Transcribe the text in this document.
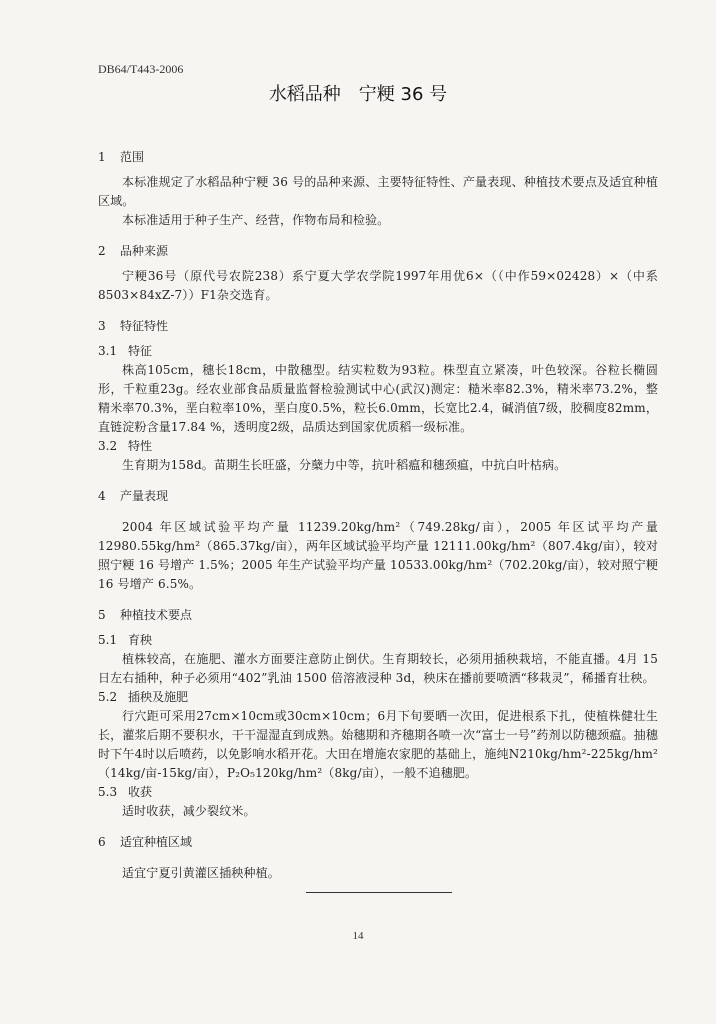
DB64/T443-2006
水稻品种　宁粳 36 号
1 范围

本标准规定了水稻品种宁粳 36 号的品种来源、主要特征特性、产量表现、种植技术要点及适宜种植区域。

本标准适用于种子生产、经营，作物布局和检验。

2 品种来源

宁粳36号（原代号农院238）系宁夏大学农学院1997年用优6×（（中作59×02428）×（中系8503×84xZ-7））F1杂交选育。

3 特征特性
3.1 特征

株高105cm，穗长18cm，中散穗型。结实粒数为93粒。株型直立紧凑，叶色较深。谷粒长椭圆形，千粒重23g。经农业部食品质量监督检验测试中心(武汉)测定：糙米率82.3%，精米率73.2%，整精米率70.3%，垩白粒率10%，垩白度0.5%，粒长6.0mm，长宽比2.4，碱消值7级，胶稠度82mm，直链淀粉含量17.84 %，透明度2级，品质达到国家优质稻一级标准。

3.2 特性

生育期为158d。苗期生长旺盛，分蘖力中等，抗叶稻瘟和穗颈瘟，中抗白叶枯病。

4 产量表现

2004 年区域试验平均产量 11239.20kg/hm²（749.28kg/亩），2005 年区试平均产量 12980.55kg/hm²（865.37kg/亩），两年区域试验平均产量 12111.00kg/hm²（807.4kg/亩），较对照宁粳 16 号增产 1.5%；2005 年生产试验平均产量 10533.00kg/hm²（702.20kg/亩），较对照宁粳 16 号增产 6.5%。

5 种植技术要点
5.1 育秧

植株较高，在施肥、灌水方面要注意防止倒伏。生育期较长，必须用插秧栽培，不能直播。4月 15 日左右插种，种子必须用“402”乳油 1500 倍溶液浸种 3d，秧床在播前要喷洒“移栽灵”，稀播育壮秧。

5.2 插秧及施肥

行穴距可采用27cm×10cm或30cm×10cm；6月下旬要晒一次田，促进根系下扎，使植株健壮生长，灌浆后期不要积水，干干湿湿直到成熟。始穗期和齐穗期各喷一次“富士一号”药剂以防穗颈瘟。抽穗时下午4时以后喷药，以免影响水稻开花。大田在增施农家肥的基础上，施纯N210kg/hm²-225kg/hm²（14kg/亩-15kg/亩），P₂O₅120kg/hm²（8kg/亩），一般不追穗肥。

5.3 收获

适时收获，减少裂纹米。

6 适宜种植区域

适宜宁夏引黄灌区插秧种植。

14
